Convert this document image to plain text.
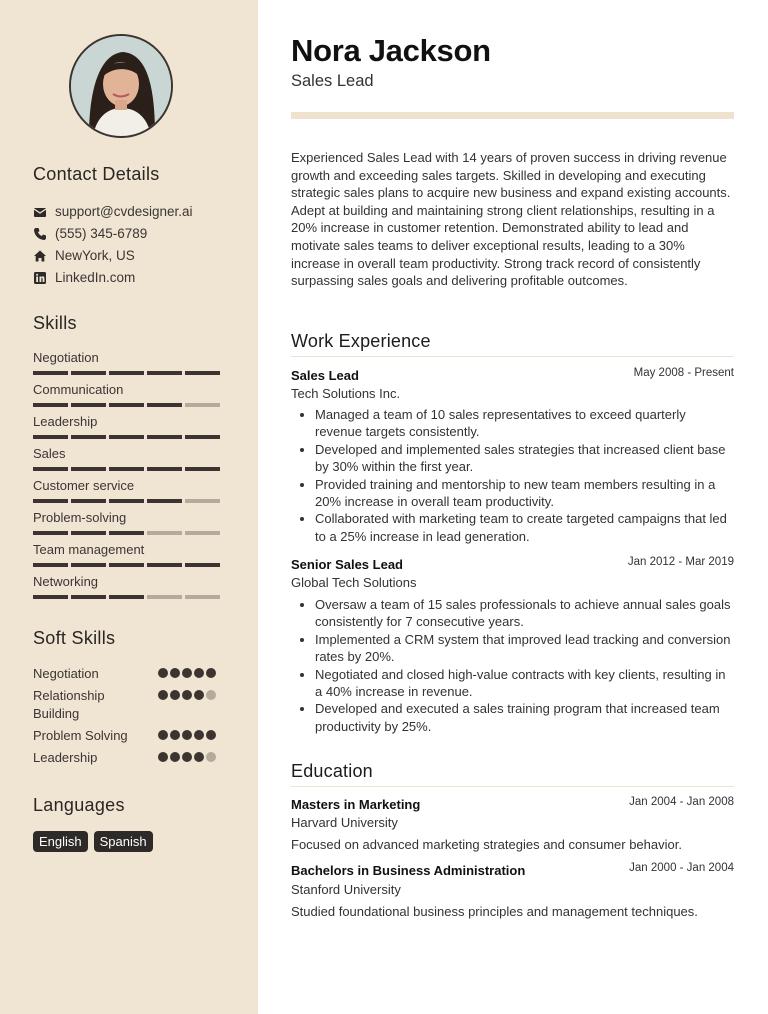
Contact Details
support@cvdesigner.ai
(555) 345-6789
NewYork, US
LinkedIn.com
Skills
Negotiation
Communication
Leadership
Sales
Customer service
Problem-solving
Team management
Networking
Soft Skills
Negotiation
Relationship Building
Problem Solving
Leadership
Languages
English	Spanish
Nora Jackson
Sales Lead
Experienced Sales Lead with 14 years of proven success in driving revenue growth and exceeding sales targets. Skilled in developing and executing strategic sales plans to acquire new business and expand existing accounts. Adept at building and maintaining strong client relationships, resulting in a 20% increase in customer retention. Demonstrated ability to lead and motivate sales teams to deliver exceptional results, leading to a 30% increase in overall team productivity. Strong track record of consistently surpassing sales goals and delivering profitable outcomes.
Work Experience
Sales Lead	May 2008 - Present
Tech Solutions Inc.
• Managed a team of 10 sales representatives to exceed quarterly revenue targets consistently.
• Developed and implemented sales strategies that increased client base by 30% within the first year.
• Provided training and mentorship to new team members resulting in a 20% increase in overall team productivity.
• Collaborated with marketing team to create targeted campaigns that led to a 25% increase in lead generation.
Senior Sales Lead	Jan 2012 - Mar 2019
Global Tech Solutions
• Oversaw a team of 15 sales professionals to achieve annual sales goals consistently for 7 consecutive years.
• Implemented a CRM system that improved lead tracking and conversion rates by 20%.
• Negotiated and closed high-value contracts with key clients, resulting in a 40% increase in revenue.
• Developed and executed a sales training program that increased team productivity by 25%.
Education
Masters in Marketing	Jan 2004 - Jan 2008
Harvard University
Focused on advanced marketing strategies and consumer behavior.
Bachelors in Business Administration	Jan 2000 - Jan 2004
Stanford University
Studied foundational business principles and management techniques.
